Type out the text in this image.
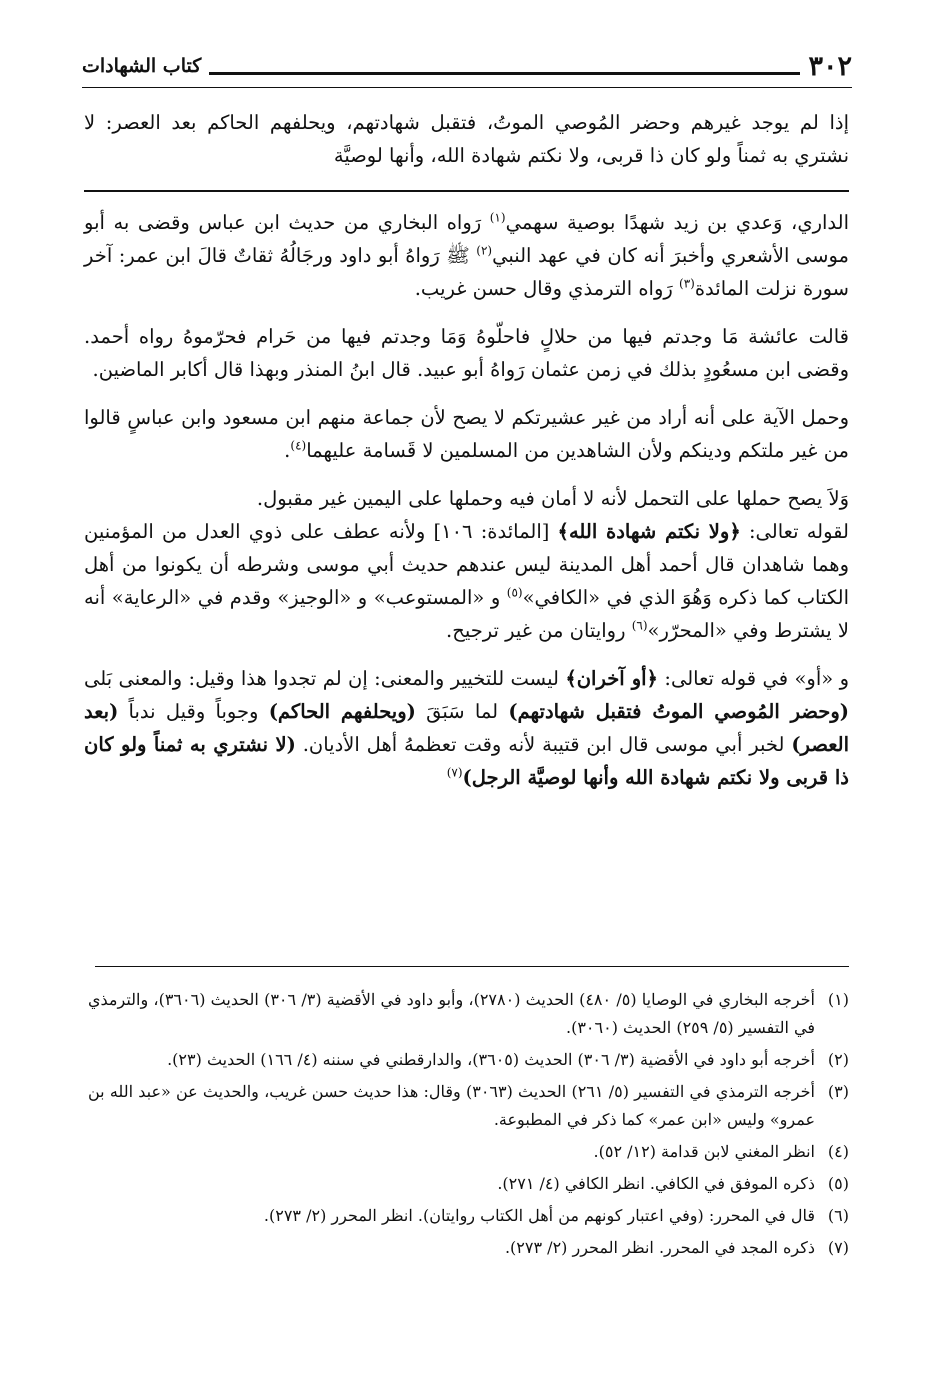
٣٠٢
كتاب الشهادات

إذا لم يوجد غيرهم وحضر المُوصي الموتُ، فتقبل شهادتهم، ويحلفهم الحاكم بعد العصر: لا نشتري به ثمناً ولو كان ذا قربى، ولا نكتم شهادة الله، وأنها لوصيَّة

الداري، وَعدي بن زيد شهدًا بوصية سهمي$^{(١)}$ رَواه البخاري من حديث ابن عباس وقضى به أبو موسى الأشعري وأخبرَ أنه كان في عهد النبي$^{(٢)}$ ﷺ رَواهُ أبو داود ورجَالُهُ ثقاتٌ قالَ ابن عمر: آخر سورة نزلت المائدة$^{(٣)}$ رَواه الترمذي وقال حسن غريب.

قالت عائشة مَا وجدتم فيها من حلالٍ فاحلّوهُ وَمَا وجدتم فيها من حَرام فحرّموهُ رواه أحمد. وقضى ابن مسعُودٍ بذلك في زمن عثمان رَواهُ أبو عبيد. قال ابنُ المنذر وبهذا قال أكابر الماضين.

وحمل الآية على أنه أراد من غير عشيرتكم لا يصح لأن جماعة منهم ابن مسعود وابن عباسٍ قالوا من غير ملتكم ودينكم ولأن الشاهدين من المسلمين لا قَسامة عليهما$^{(٤)}$.

وَلاَ يصح حملها على التحمل لأنه لا أمان فيه وحملها على اليمين غير مقبول.

لقوله تعالى: ﴿ولا نكتم شهادة الله﴾ [المائدة: ١٠٦] ولأنه عطف على ذوي العدل من المؤمنين وهما شاهدان قال أحمد أهل المدينة ليس عندهم حديث أبي موسى وشرطه أن يكونوا من أهل الكتاب كما ذكره وَهُوَ الذي في «الكافي»$^{(٥)}$ و «المستوعب» و «الوجيز» وقدم في «الرعاية» أنه لا يشترط وفي «المحرّر»$^{(٦)}$ روايتان من غير ترجيح.

و «أو» في قوله تعالى: ﴿أو آخران﴾ ليست للتخيير والمعنى: إن لم تجدوا هذا وقيل: والمعنى بَلى (وحضر المُوصي الموتُ فتقبل شهادتهم) لما سَبَقَ (ويحلفهم الحاكم) وجوباً وقيل ندباً (بعد العصر) لخبر أبي موسى قال ابن قتيبة لأنه وقت تعظمهُ أهل الأديان. (لا نشتري به ثمناً ولو كان ذا قربى ولا نكتم شهادة الله وأنها لوصيَّة الرجل)$^{(٧)}$

(١)
أخرجه البخاري في الوصايا (٥/ ٤٨٠) الحديث (٢٧٨٠)، وأبو داود في الأقضية (٣/ ٣٠٦) الحديث (٣٦٠٦)، والترمذي في التفسير (٥/ ٢٥٩) الحديث (٣٠٦٠).
(٢)
أخرجه أبو داود في الأقضية (٣/ ٣٠٦) الحديث (٣٦٠٥)، والدارقطني في سننه (٤/ ١٦٦) الحديث (٢٣).
(٣)
أخرجه الترمذي في التفسير (٥/ ٢٦١) الحديث (٣٠٦٣) وقال: هذا حديث حسن غريب، والحديث عن «عبد الله بن عمرو» وليس «ابن عمر» كما ذكر في المطبوعة.
(٤)
انظر المغني لابن قدامة (١٢/ ٥٢).
(٥)
ذكره الموفق في الكافي. انظر الكافي (٤/ ٢٧١).
(٦)
قال في المحرر: (وفي اعتبار كونهم من أهل الكتاب روايتان). انظر المحرر (٢/ ٢٧٣).
(٧)
ذكره المجد في المحرر. انظر المحرر (٢/ ٢٧٣).
